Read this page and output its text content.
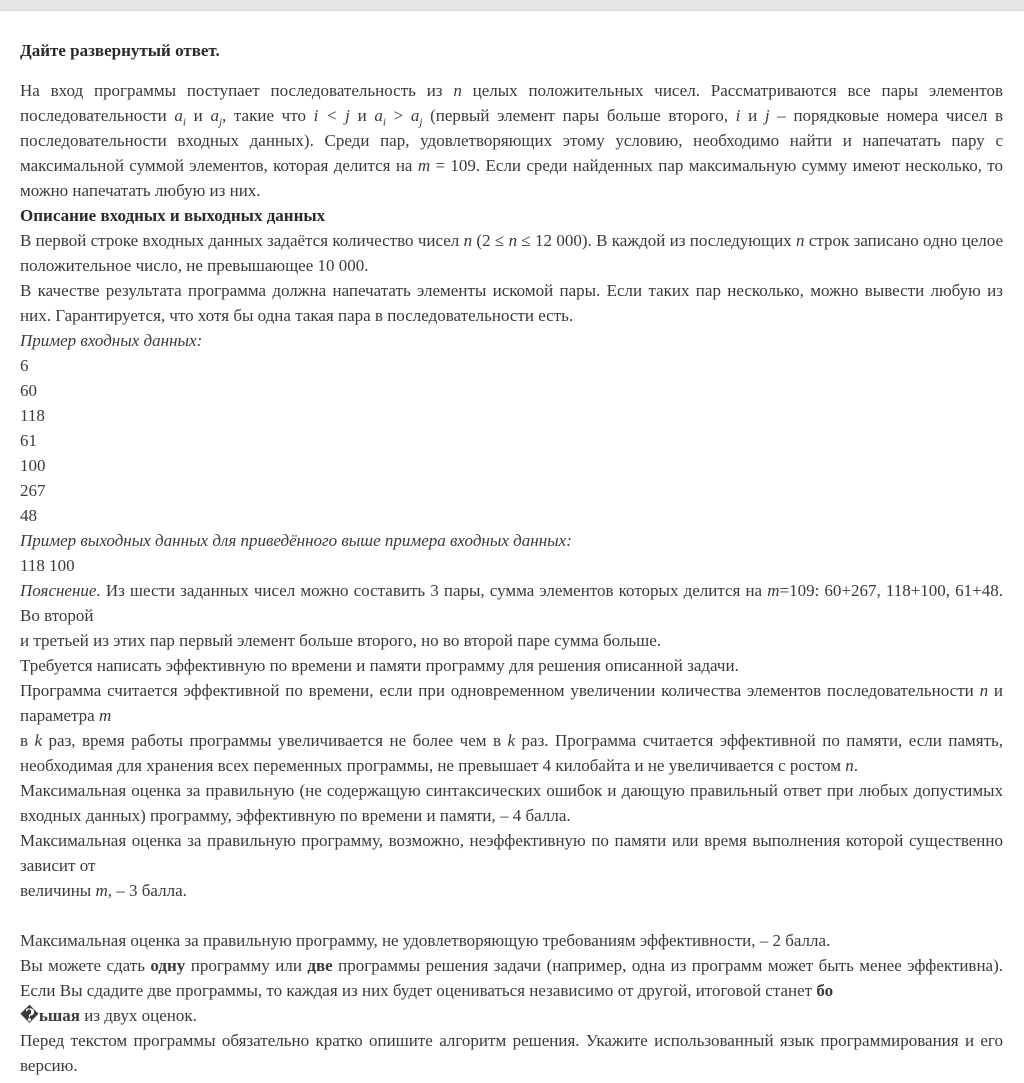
Дайте развернутый ответ.

На вход программы поступает последовательность из n целых положительных чисел. Рассматриваются все пары элементов последовательности $a_i$ и $a_j$, такие что i < j и $a_i > a_j$ (первый элемент пары больше второго, i и j – порядковые номера чисел в последовательности входных данных). Среди пар, удовлетворяющих этому условию, необходимо найти и напечатать пару с максимальной суммой элементов, которая делится на m = 109. Если среди найденных пар максимальную сумму имеют несколько, то можно напечатать любую из них.

Описание входных и выходных данных

В первой строке входных данных задаётся количество чисел n (2 ≤ n ≤ 12 000). В каждой из последующих n строк записано одно целое положительное число, не превышающее 10 000.

В качестве результата программа должна напечатать элементы искомой пары. Если таких пар несколько, можно вывести любую из них. Гарантируется, что хотя бы одна такая пара в последовательности есть.

Пример входных данных:

6

60

118

61

100

267

48

Пример выходных данных для приведённого выше примера входных данных:

118 100

Пояснение. Из шести заданных чисел можно составить 3 пары, сумма элементов которых делится на m=109: 60+267, 118+100, 61+48. Во второй

и третьей из этих пар первый элемент больше второго, но во второй паре сумма больше.

Требуется написать эффективную по времени и памяти программу для решения описанной задачи.

Программа считается эффективной по времени, если при одновременном увеличении количества элементов последовательности n и параметра m

в k раз, время работы программы увеличивается не более чем в k раз. Программа считается эффективной по памяти, если память, необходимая для хранения всех переменных программы, не превышает 4 килобайта и не увеличивается с ростом n.

Максимальная оценка за правильную (не содержащую синтаксических ошибок и дающую правильный ответ при любых допустимых входных данных) программу, эффективную по времени и памяти, – 4 балла.

Максимальная оценка за правильную программу, возможно, неэффективную по памяти или время выполнения которой существенно зависит от

величины m, – 3 балла.

Максимальная оценка за правильную программу, не удовлетворяющую требованиям эффективности, – 2 балла.

Вы можете сдать одну программу или две программы решения задачи (например, одна из программ может быть менее эффективна). Если Вы сдадите две программы, то каждая из них будет оцениваться независимо от другой, итоговой станет бо
�ьшая из двух оценок.

Перед текстом программы обязательно кратко опишите алгоритм решения. Укажите использованный язык программирования и его версию.
